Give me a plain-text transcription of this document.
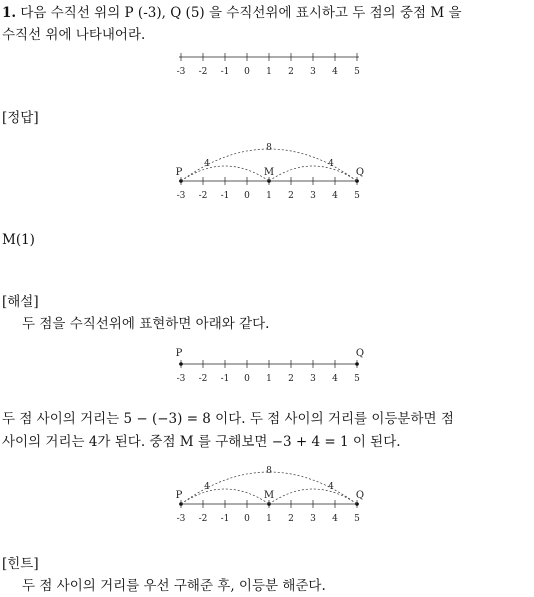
1. 다음 수직선 위의 P (-3), Q (5) 을 수직선위에 표시하고 두 점의 중점 M 을
수직선 위에 나타내어라.
-3 -2 -1 0 1 2 3 4 5
-3 -2 -1 0 1 2 3 4 5
8
4	4
P	Q
M
-3 -2 -1 0 1 2 3 4 5
P	Q
-3 -2 -1 0 1 2 3 4 5
8
4	4
P	Q
M
[정답]
M(1)
[해설]
두 점을 수직선위에 표현하면 아래와 같다.
두 점 사이의 거리는 5 − (−3) = 8 이다. 두 점 사이의 거리를 이등분하면 점
사이의 거리는 4가 된다. 중점 M 를 구해보면 −3 + 4 = 1 이 된다.
[힌트]
두 점 사이의 거리를 우선 구해준 후, 이등분 해준다.
